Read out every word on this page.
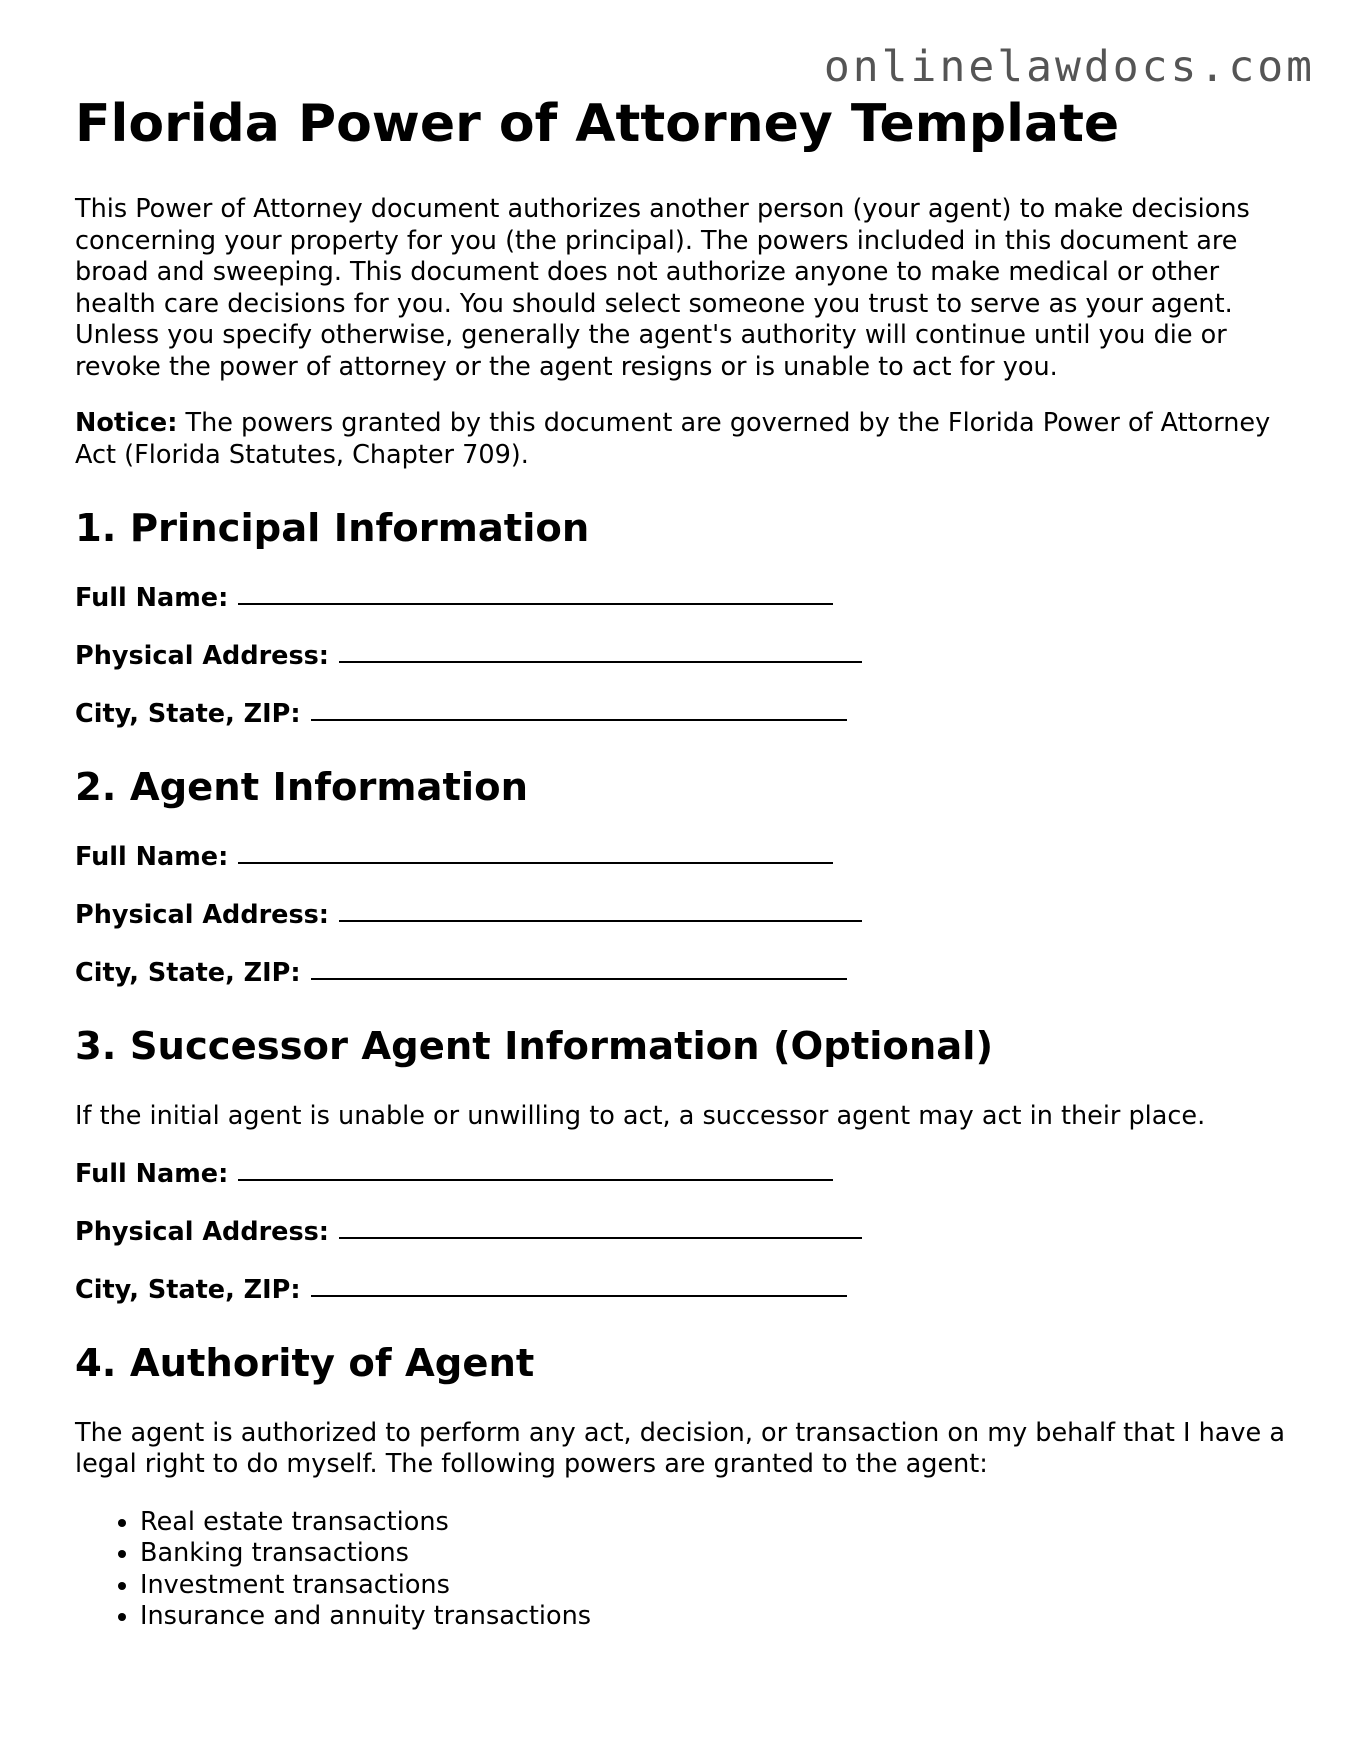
onlinelawdocs.com
Florida Power of Attorney Template

This Power of Attorney document authorizes another person (your agent) to make decisions concerning your property for you (the principal). The powers included in this document are broad and sweeping. This document does not authorize anyone to make medical or other health care decisions for you. You should select someone you trust to serve as your agent. Unless you specify otherwise, generally the agent's authority will continue until you die or revoke the power of attorney or the agent resigns or is unable to act for you.

Notice: The powers granted by this document are governed by the Florida Power of Attorney Act (Florida Statutes, Chapter 709).

1. Principal Information
Full Name:
Physical Address:
City, State, ZIP:
2. Agent Information
Full Name:
Physical Address:
City, State, ZIP:
3. Successor Agent Information (Optional)

If the initial agent is unable or unwilling to act, a successor agent may act in their place.

Full Name:
Physical Address:
City, State, ZIP:
4. Authority of Agent

The agent is authorized to perform any act, decision, or transaction on my behalf that I have a legal right to do myself. The following powers are granted to the agent:

• Real estate transactions
• Banking transactions
• Investment transactions
• Insurance and annuity transactions
